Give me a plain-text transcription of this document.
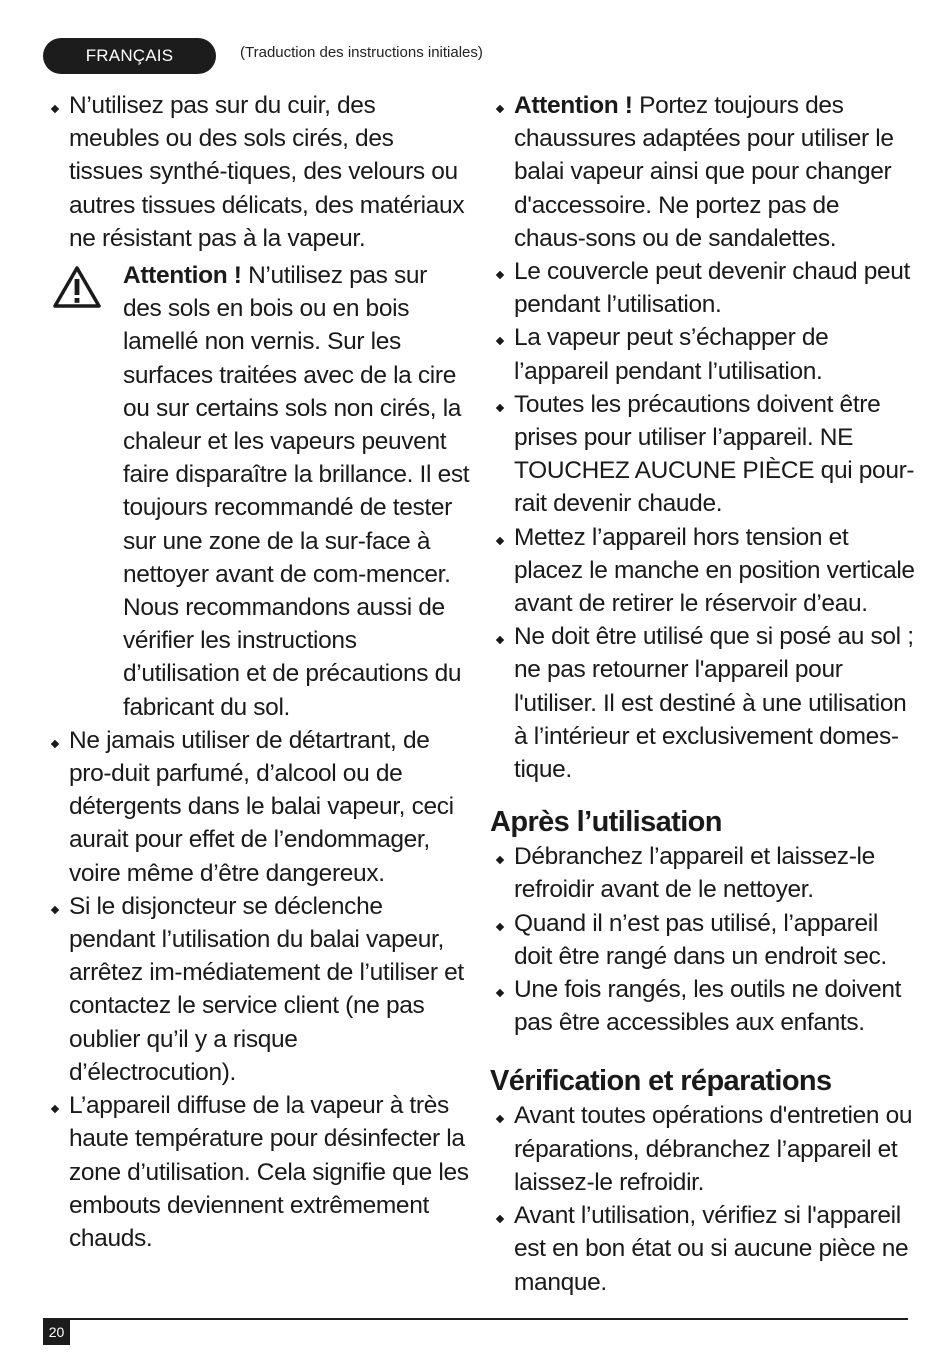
FRANÇAIS	(Traduction des instructions initiales)

N’utilisez pas sur du cuir, des meubles ou des sols cirés, des tissues synthé-tiques, des velours ou autres tissues délicats, des matériaux ne résistant pas à la vapeur.

Attention ! N’utilisez pas sur des sols en bois ou en bois lamellé non vernis. Sur les surfaces traitées avec de la cire ou sur certains sols non cirés, la chaleur et les vapeurs peuvent faire disparaître la brillance. Il est toujours recommandé de tester sur une zone de la sur-face à nettoyer avant de com-mencer. Nous recommandons aussi de vérifier les instructions d’utilisation et de précautions du fabricant du sol.

Ne jamais utiliser de détartrant, de pro-duit parfumé, d’alcool ou de détergents dans le balai vapeur, ceci aurait pour effet de l’endommager, voire même d’être dangereux.

Si le disjoncteur se déclenche pendant l’utilisation du balai vapeur, arrêtez im-médiatement de l’utiliser et contactez le service client (ne pas oublier qu’il y a risque d’électrocution).

L’appareil diffuse de la vapeur à très haute température pour désinfecter la zone d’utilisation. Cela signifie que les embouts deviennent extrêmement chauds.

Attention ! Portez toujours des chaussures adaptées pour utiliser le balai vapeur ainsi que pour changer d'accessoire. Ne portez pas de chaus-sons ou de sandalettes.

Le couvercle peut devenir chaud peut pendant l’utilisation.

La vapeur peut s’échapper de l’appareil pendant l’utilisation.

Toutes les précautions doivent être prises pour utiliser l’appareil. NE TOUCHEZ AUCUNE PIÈCE qui pour-rait devenir chaude.

Mettez l’appareil hors tension et placez le manche en position verticale avant de retirer le réservoir d’eau.

Ne doit être utilisé que si posé au sol ; ne pas retourner l'appareil pour l'utiliser. Il est destiné à une utilisation à l’intérieur et exclusivement domes-tique.

Après l’utilisation

Débranchez l’appareil et laissez-le refroidir avant de le nettoyer.

Quand il n’est pas utilisé, l’appareil doit être rangé dans un endroit sec.

Une fois rangés, les outils ne doivent pas être accessibles aux enfants.

Vérification et réparations

Avant toutes opérations d'entretien ou réparations, débranchez l’appareil et laissez-le refroidir.

Avant l’utilisation, vérifiez si l'appareil est en bon état ou si aucune pièce ne manque.

20
